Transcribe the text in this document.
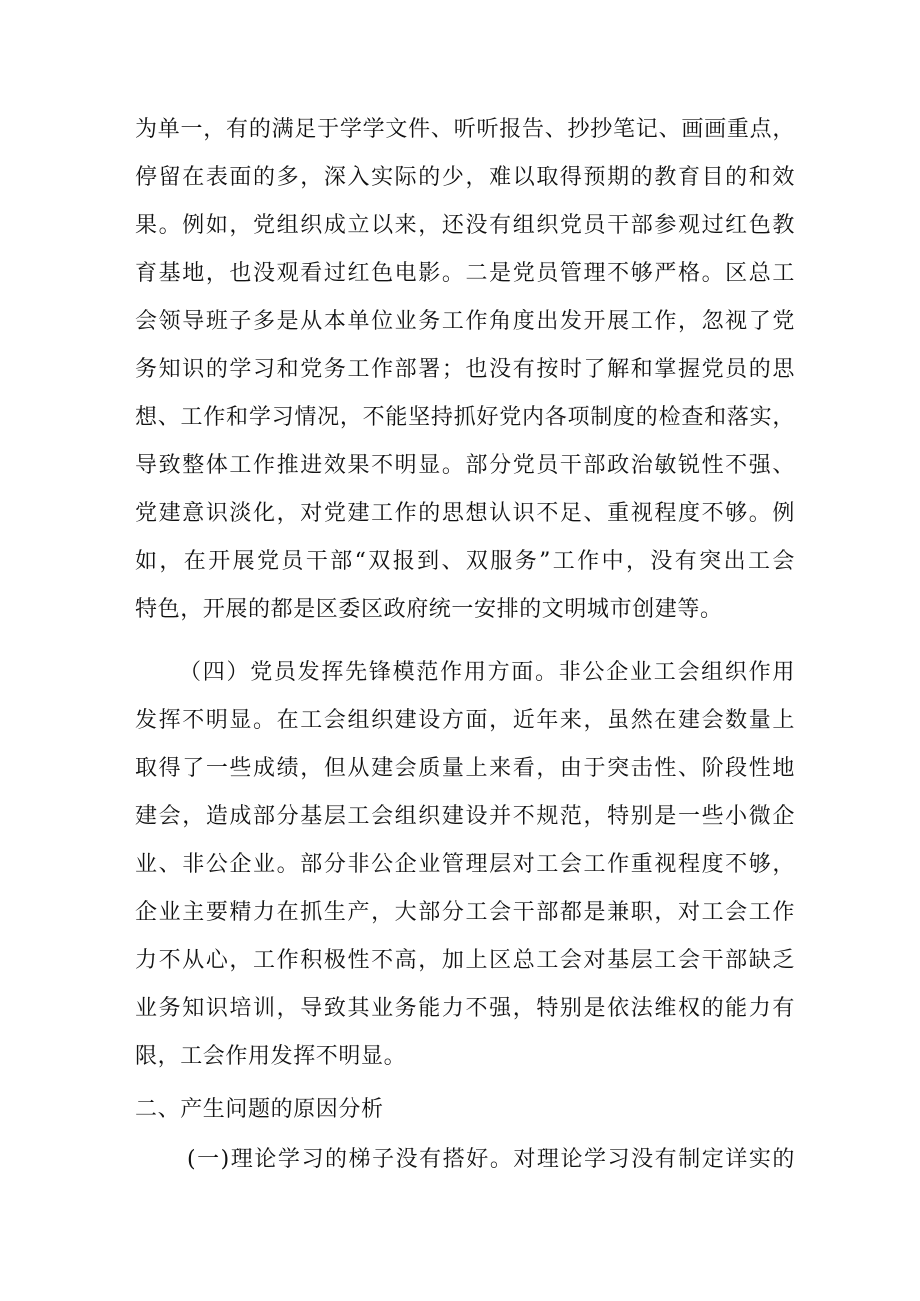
为单一，有的满足于学学文件、听听报告、抄抄笔记、画画重点，
停留在表面的多，深入实际的少，难以取得预期的教育目的和效
果。例如，党组织成立以来，还没有组织党员干部参观过红色教
育基地，也没观看过红色电影。二是党员管理不够严格。区总工
会领导班子多是从本单位业务工作角度出发开展工作，忽视了党
务知识的学习和党务工作部署；也没有按时了解和掌握党员的思
想、工作和学习情况，不能坚持抓好党内各项制度的检查和落实，
导致整体工作推进效果不明显。部分党员干部政治敏锐性不强、
党建意识淡化，对党建工作的思想认识不足、重视程度不够。例
如，在开展党员干部“双报到、双服务”工作中，没有突出工会
特色，开展的都是区委区政府统一安排的文明城市创建等。
（四）党员发挥先锋模范作用方面。非公企业工会组织作用
发挥不明显。在工会组织建设方面，近年来，虽然在建会数量上
取得了一些成绩，但从建会质量上来看，由于突击性、阶段性地
建会，造成部分基层工会组织建设并不规范，特别是一些小微企
业、非公企业。部分非公企业管理层对工会工作重视程度不够，
企业主要精力在抓生产，大部分工会干部都是兼职，对工会工作
力不从心，工作积极性不高，加上区总工会对基层工会干部缺乏
业务知识培训，导致其业务能力不强，特别是依法维权的能力有
限，工会作用发挥不明显。
二、产生问题的原因分析
(一)理论学习的梯子没有搭好。对理论学习没有制定详实的
